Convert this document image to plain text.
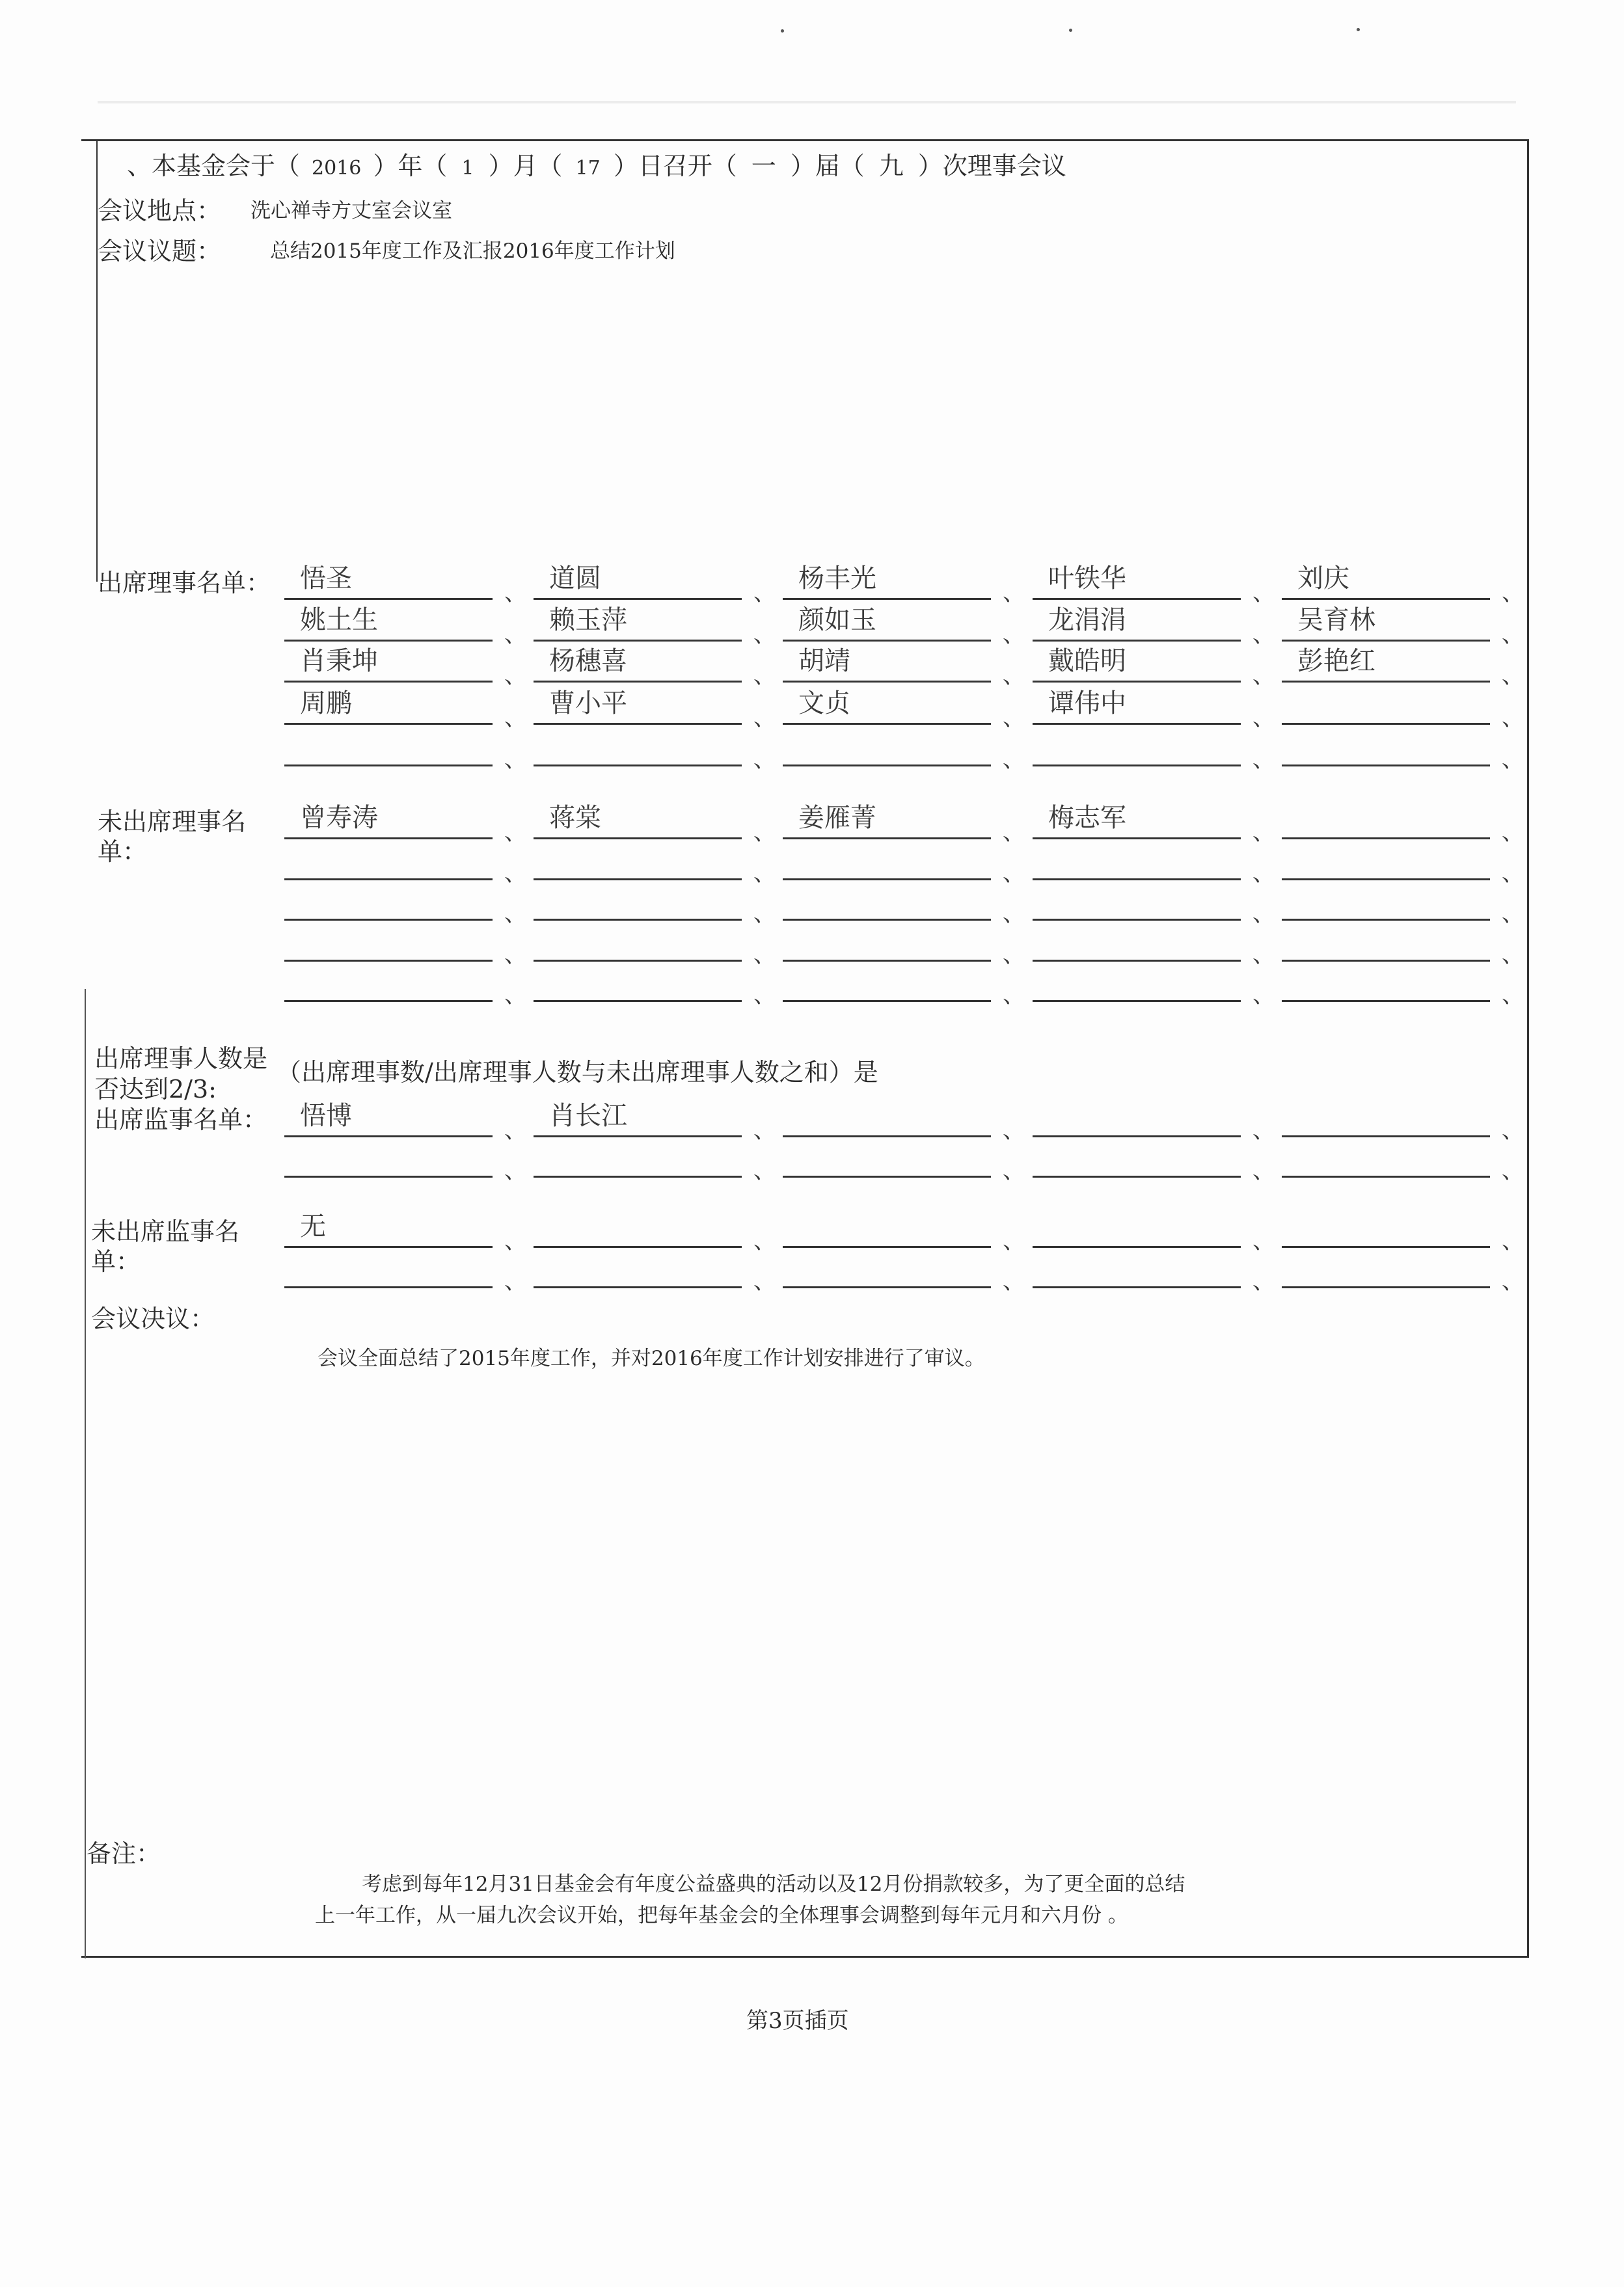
、本基金会于（ 2016 ）年（ 1 ）月（ 17 ）日召开（ 一 ）届（ 九 ）次理事会议
会议地点： 洗心禅寺方丈室会议室
会议议题： 总结2015年度工作及汇报2016年度工作计划
出席理事名单：
未出席理事名
单：
出席理事人数是
否达到2/3:
（出席理事数/出席理事人数与未出席理事人数之和）是
出席监事名单：
未出席监事名
单：
会议决议：
会议全面总结了2015年度工作，并对2016年度工作计划安排进行了审议。
备注：
考虑到每年12月31日基金会有年度公益盛典的活动以及12月份捐款较多，为了更全面的总结
上一年工作，从一届九次会议开始，把每年基金会的全体理事会调整到每年元月和六月份 。
第3页插页
悟圣	、 道圆	、 杨丰光	、 叶铁华	、 刘庆	、
姚土生	、 赖玉萍	、 颜如玉	、 龙涓涓	、 吴育林	、
肖秉坤	、 杨穗喜	、 胡靖	、 戴皓明	、 彭艳红	、
周鹏	、 曹小平	、 文贞	、 谭伟中	、	、
、	、	、	、	、
曾寿涛	、 蒋棠	、 姜雁菁	、 梅志军	、	、
、	、	、	、	、
、	、	、	、	、
、	、	、	、	、
、	、	、	、	、
悟博	、 肖长江	、	、	、	、
、	、	、	、	、
无	、	、	、	、	、
、	、	、	、	、
